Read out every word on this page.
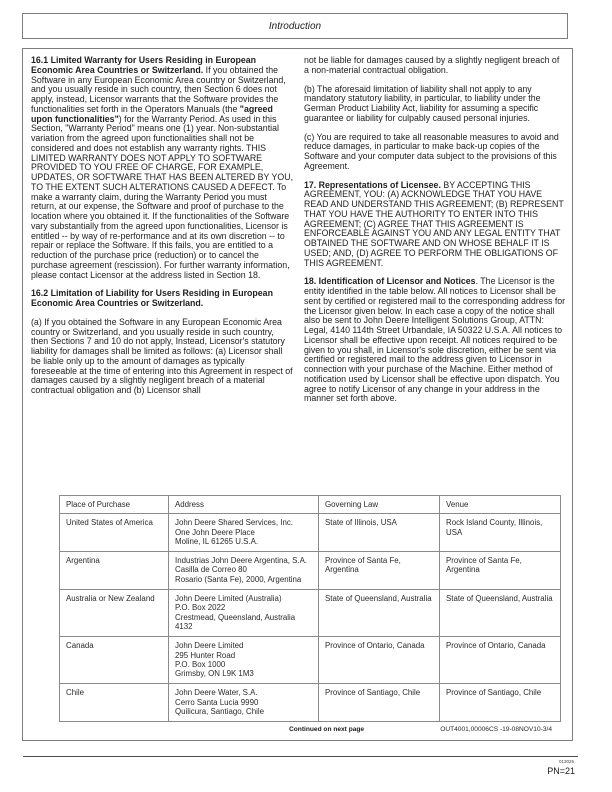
Introduction

16.1 Limited Warranty for Users Residing in European Economic Area Countries or Switzerland. If you obtained the Software in any European Economic Area country or Switzerland, and you usually reside in such country, then Section 6 does not apply, instead, Licensor warrants that the Software provides the functionalities set forth in the Operators Manuals (the "agreed upon functionalities") for the Warranty Period. As used in this Section, "Warranty Period" means one (1) year. Non-substantial variation from the agreed upon functionalities shall not be considered and does not establish any warranty rights. THIS LIMITED WARRANTY DOES NOT APPLY TO SOFTWARE PROVIDED TO YOU FREE OF CHARGE, FOR EXAMPLE, UPDATES, OR SOFTWARE THAT HAS BEEN ALTERED BY YOU, TO THE EXTENT SUCH ALTERATIONS CAUSED A DEFECT. To make a warranty claim, during the Warranty Period you must return, at our expense, the Software and proof of purchase to the location where you obtained it. If the functionalities of the Software vary substantially from the agreed upon functionalities, Licensor is entitled -- by way of re-performance and at its own discretion -- to repair or replace the Software. If this fails, you are entitled to a reduction of the purchase price (reduction) or to cancel the purchase agreement (rescission). For further warranty information, please contact Licensor at the address listed in Section 18.

16.2 Limitation of Liability for Users Residing in European Economic Area Countries or Switzerland.

(a) If you obtained the Software in any European Economic Area country or Switzerland, and you usually reside in such country, then Sections 7 and 10 do not apply, Instead, Licensor's statutory liability for damages shall be limited as follows: (a) Licensor shall be liable only up to the amount of damages as typically foreseeable at the time of entering into this Agreement in respect of damages caused by a slightly negligent breach of a material contractual obligation and (b) Licensor shall

not be liable for damages caused by a slightly negligent breach of a non-material contractual obligation.

(b) The aforesaid limitation of liability shall not apply to any mandatory statutory liability, in particular, to liability under the German Product Liability Act, liability for assuming a specific guarantee or liability for culpably caused personal injuries.

(c) You are required to take all reasonable measures to avoid and reduce damages, in particular to make back-up copies of the Software and your computer data subject to the provisions of this Agreement.

17. Representations of Licensee. BY ACCEPTING THIS AGREEMENT, YOU: (A) ACKNOWLEDGE THAT YOU HAVE READ AND UNDERSTAND THIS AGREEMENT; (B) REPRESENT THAT YOU HAVE THE AUTHORITY TO ENTER INTO THIS AGREEMENT; (C) AGREE THAT THIS AGREEMENT IS ENFORCEABLE AGAINST YOU AND ANY LEGAL ENTITY THAT OBTAINED THE SOFTWARE AND ON WHOSE BEHALF IT IS USED; AND, (D) AGREE TO PERFORM THE OBLIGATIONS OF THIS AGREEMENT.

18. Identification of Licensor and Notices. The Licensor is the entity identified in the table below. All notices to Licensor shall be sent by certified or registered mail to the corresponding address for the Licensor given below. In each case a copy of the notice shall also be sent to John Deere Intelligent Solutions Group, ATTN: Legal, 4140 114th Street Urbandale, IA 50322 U.S.A. All notices to Licensor shall be effective upon receipt. All notices required to be given to you shall, in Licensor's sole discretion, either be sent via certified or registered mail to the address given to Licensor in connection with your purchase of the Machine. Either method of notification used by Licensor shall be effective upon dispatch. You agree to notify Licensor of any change in your address in the manner set forth above.

Place of Purchase	Address	Governing Law	Venue
United States of America	John Deere Shared Services, Inc.
One John Deere Place
Moline, IL 61265 U.S.A.	State of Illinois, USA	Rock Island County, Illinois, USA
Argentina	Industrias John Deere Argentina, S.A.
Casilla de Correo 80
Rosario (Santa Fe), 2000, Argentina	Province of Santa Fe, Argentina	Province of Santa Fe, Argentina
Australia or New Zealand	John Deere Limited (Australia)
P.O. Box 2022
Crestmead, Queensland, Australia
4132	State of Queensland, Australia	State of Queensland, Australia
Canada	John Deere Limited
295 Hunter Road
P.O. Box 1000
Grimsby, ON L9K 1M3	Province of Ontario, Canada	Province of Ontario, Canada
Chile	John Deere Water, S.A.
Cerro Santa Lucia 9990
Quilicura, Santiago, Chile	Province of Santiago, Chile	Province of Santiago, Chile
Continued on next page	OUT4001,00006CS -19-08NOV10-3/4
013025
PN=21
